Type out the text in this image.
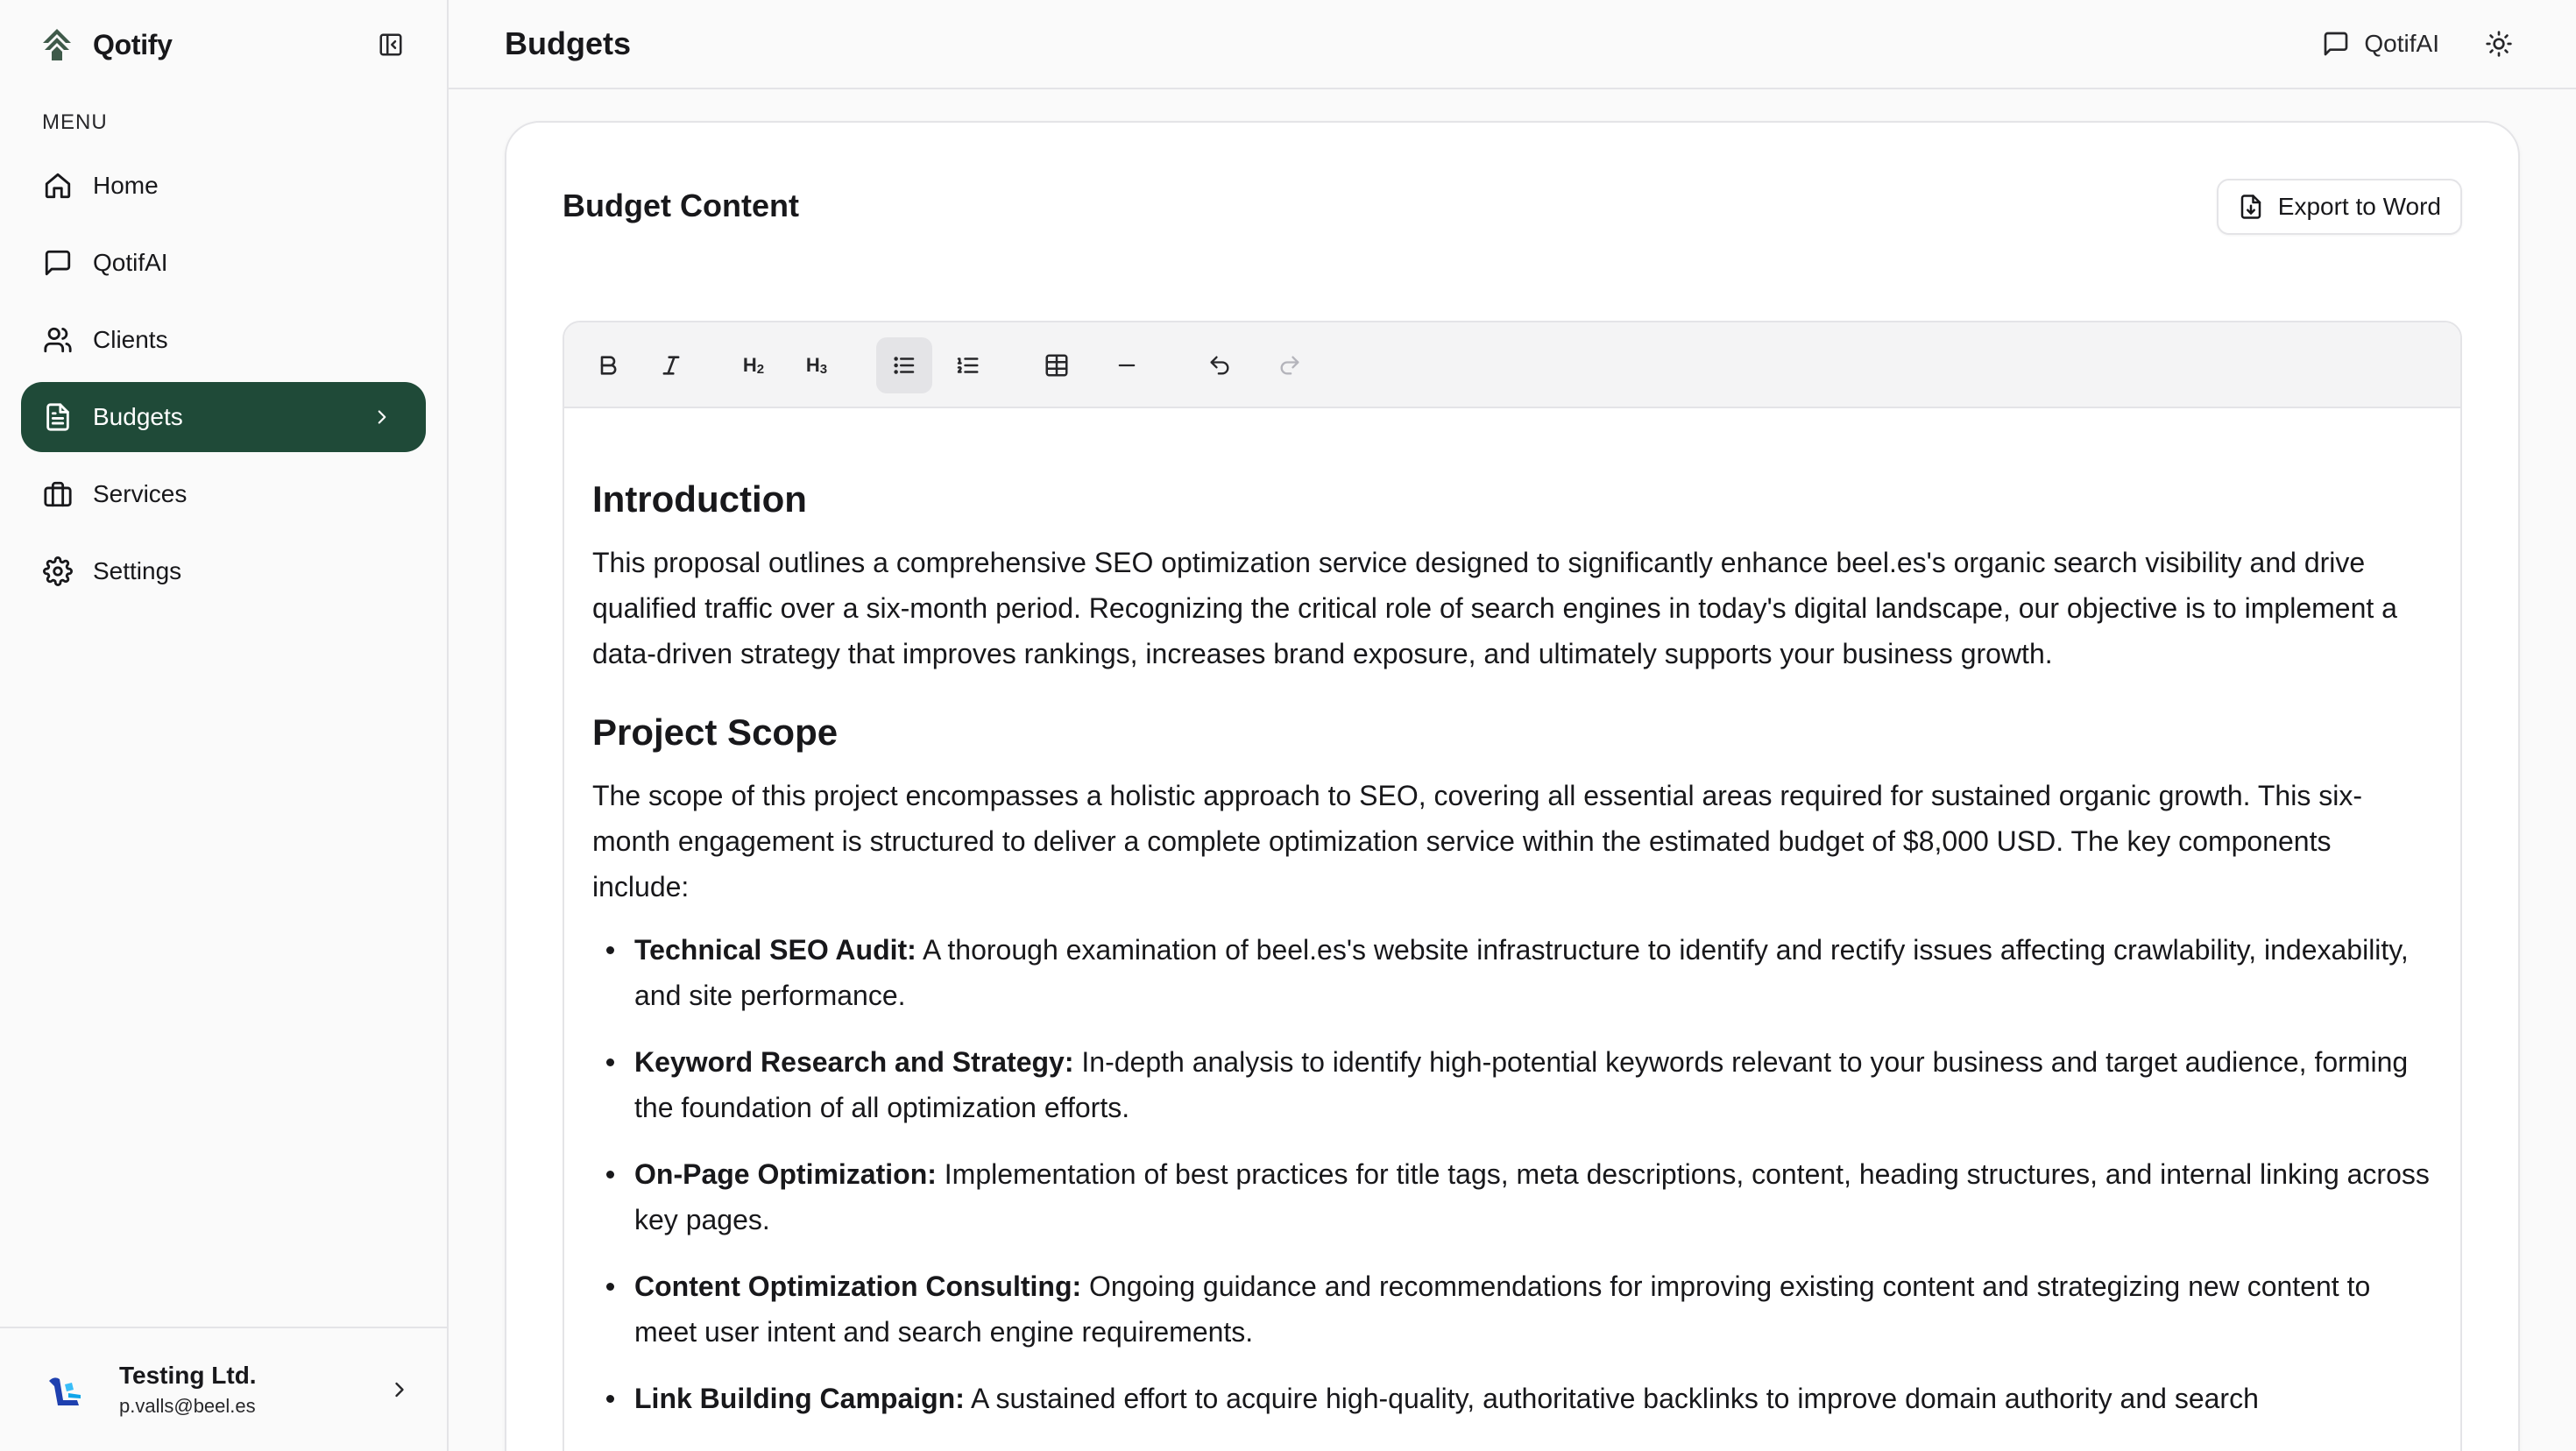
Qotify
MENU
Home
QotifAI
Clients
Budgets
Services
Settings
Testing Ltd.
p.valls@beel.es
Budgets	QotifAI
Budget Content	Export to Word
$H_2$ $H_3$
Introduction

This proposal outlines a comprehensive SEO optimization service designed to significantly enhance beel.es's organic search visibility and drive qualified traffic over a six-month period. Recognizing the critical role of search engines in today's digital landscape, our objective is to implement a data-driven strategy that improves rankings, increases brand exposure, and ultimately supports your business growth.

Project Scope

The scope of this project encompasses a holistic approach to SEO, covering all essential areas required for sustained organic growth. This six-month engagement is structured to deliver a complete optimization service within the estimated budget of $8,000 USD. The key components include:

Technical SEO Audit: A thorough examination of beel.es's website infrastructure to identify and rectify issues affecting crawlability, indexability, and site performance.
Keyword Research and Strategy: In-depth analysis to identify high-potential keywords relevant to your business and target audience, forming the foundation of all optimization efforts.
On-Page Optimization: Implementation of best practices for title tags, meta descriptions, content, heading structures, and internal linking across key pages.
Content Optimization Consulting: Ongoing guidance and recommendations for improving existing content and strategizing new content to meet user intent and search engine requirements.
Link Building Campaign: A sustained effort to acquire high-quality, authoritative backlinks to improve domain authority and search
